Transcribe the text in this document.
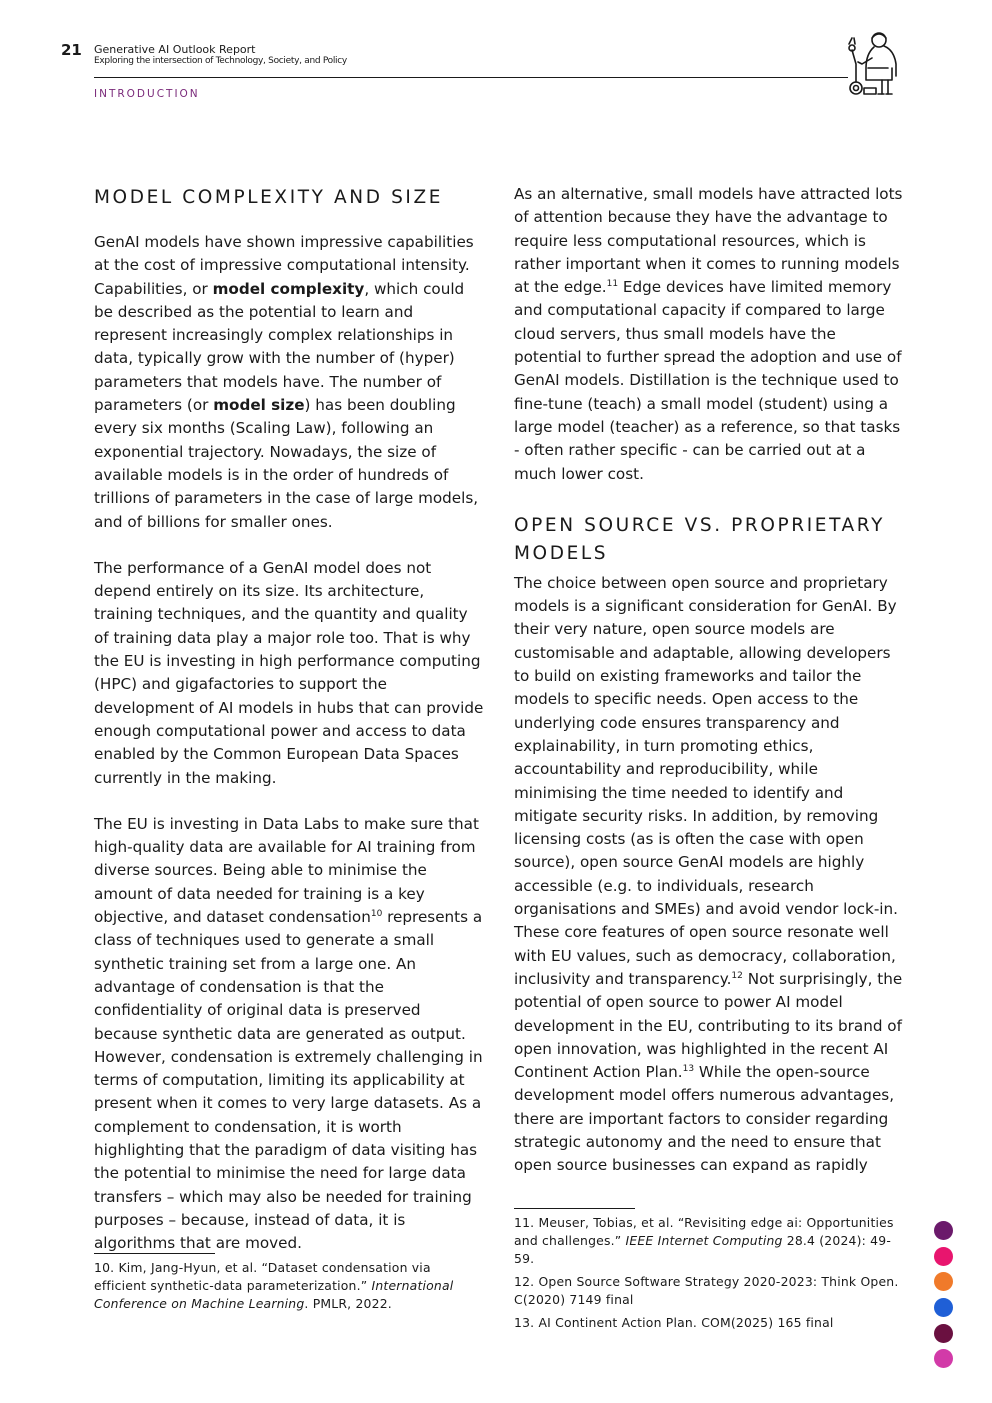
21 Generative AI Outlook Report
Exploring the intersection of Technology, Society, and Policy
INTRODUCTION
MODEL COMPLEXITY AND SIZE

GenAI models have shown impressive capabilities at the cost of impressive computational intensity. Capabilities, or model complexity, which could be described as the potential to learn and represent increasingly complex relationships in data, typically grow with the number of (hyper) parameters that models have. The number of parameters (or model size) has been doubling every six months (Scaling Law), following an exponential trajectory. Nowadays, the size of available models is in the order of hundreds of trillions of parameters in the case of large models, and of billions for smaller ones.

The performance of a GenAI model does not depend entirely on its size. Its architecture, training techniques, and the quantity and quality of training data play a major role too. That is why the EU is investing in high performance computing (HPC) and gigafactories to support the development of AI models in hubs that can provide enough computational power and access to data enabled by the Common European Data Spaces currently in the making.

The EU is investing in Data Labs to make sure that high-quality data are available for AI training from diverse sources. Being able to minimise the amount of data needed for training is a key objective, and dataset condensation$^{10}$ represents a class of techniques used to generate a small synthetic training set from a large one. An advantage of condensation is that the confidentiality of original data is preserved because synthetic data are generated as output. However, condensation is extremely challenging in terms of computation, limiting its applicability at present when it comes to very large datasets. As a complement to condensation, it is worth highlighting that the paradigm of data visiting has the potential to minimise the need for large data transfers – which may also be needed for training purposes – because, instead of data, it is algorithms that are moved.

10. Kim, Jang-Hyun, et al. “Dataset condensation via efficient synthetic-data parameterization.” International Conference on Machine Learning. PMLR, 2022.

As an alternative, small models have attracted lots of attention because they have the advantage to require less computational resources, which is rather important when it comes to running models at the edge.$^{11}$ Edge devices have limited memory and computational capacity if compared to large cloud servers, thus small models have the potential to further spread the adoption and use of GenAI models. Distillation is the technique used to fine-tune (teach) a small model (student) using a large model (teacher) as a reference, so that tasks - often rather specific - can be carried out at a much lower cost.

OPEN SOURCE VS. PROPRIETARY MODELS

The choice between open source and proprietary models is a significant consideration for GenAI. By their very nature, open source models are customisable and adaptable, allowing developers to build on existing frameworks and tailor the models to specific needs. Open access to the underlying code ensures transparency and explainability, in turn promoting ethics, accountability and reproducibility, while minimising the time needed to identify and mitigate security risks. In addition, by removing licensing costs (as is often the case with open source), open source GenAI models are highly accessible (e.g. to individuals, research organisations and SMEs) and avoid vendor lock-in. These core features of open source resonate well with EU values, such as democracy, collaboration, inclusivity and transparency.$^{12}$ Not surprisingly, the potential of open source to power AI model development in the EU, contributing to its brand of open innovation, was highlighted in the recent AI Continent Action Plan.$^{13}$ While the open-source development model offers numerous advantages, there are important factors to consider regarding strategic autonomy and the need to ensure that open source businesses can expand as rapidly

11. Meuser, Tobias, et al. “Revisiting edge ai: Opportunities and challenges.” IEEE Internet Computing 28.4 (2024): 49-59.

12. Open Source Software Strategy 2020-2023: Think Open. C(2020) 7149 final

13. AI Continent Action Plan. COM(2025) 165 final
